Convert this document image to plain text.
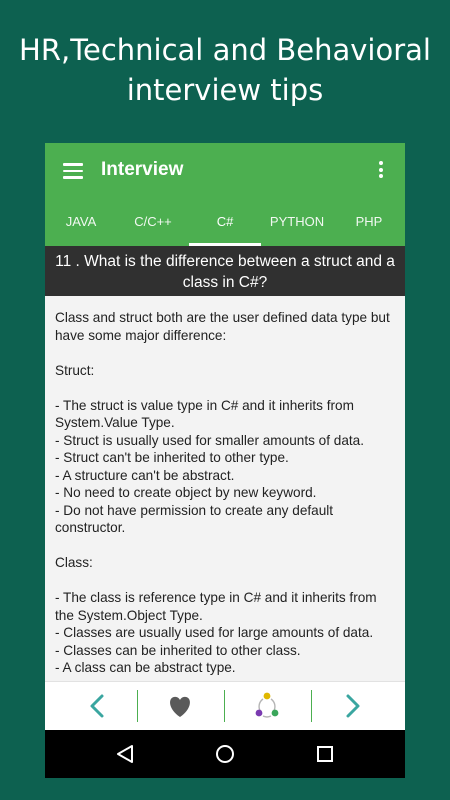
HR,Technical and Behavioral
interview tips
Interview
JAVA	C/C++	C#	PYTHON	PHP
11 . What is the difference between a struct and a class in C#?
Class and struct both are the user defined data type but have some major difference:

Struct:

- The struct is value type in C# and it inherits from System.Value Type.
- Struct is usually used for smaller amounts of data.
- Struct can't be inherited to other type.
- A structure can't be abstract.
- No need to create object by new keyword.
- Do not have permission to create any default constructor.

Class:

- The class is reference type in C# and it inherits from the System.Object Type.
- Classes are usually used for large amounts of data.
- Classes can be inherited to other class.
- A class can be abstract type.
